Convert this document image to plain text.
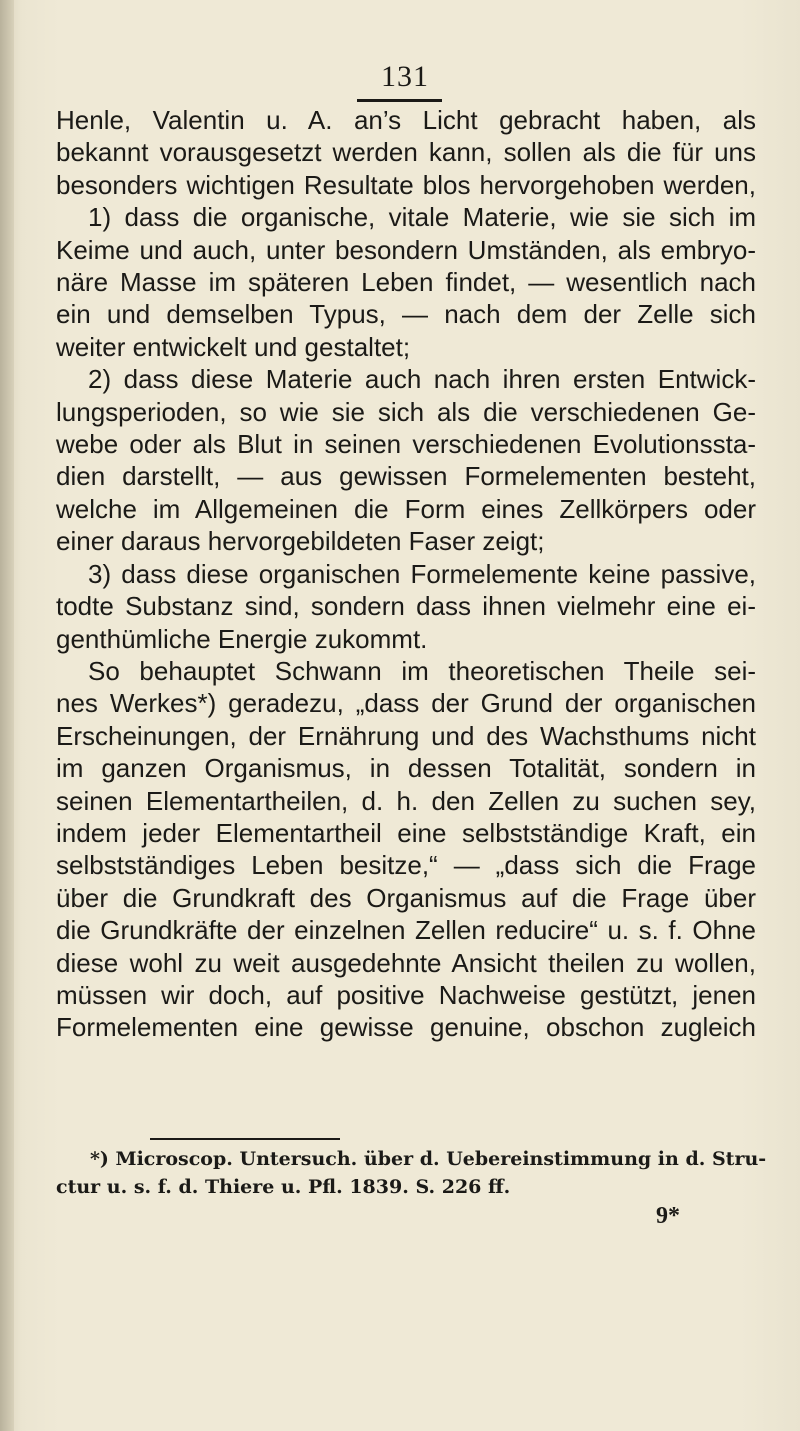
131
Henle, Valentin u. A. an’s Licht gebracht haben, als
bekannt vorausgesetzt werden kann, sollen als die für uns
besonders wichtigen Resultate blos hervorgehoben werden,
1) dass die organische, vitale Materie, wie sie sich im
Keime und auch, unter besondern Umständen, als embryo-
näre Masse im späteren Leben findet, — wesentlich nach
ein und demselben Typus, — nach dem der Zelle sich
weiter entwickelt und gestaltet;
2) dass diese Materie auch nach ihren ersten Entwick-
lungsperioden, so wie sie sich als die verschiedenen Ge-
webe oder als Blut in seinen verschiedenen Evolutionssta-
dien darstellt, — aus gewissen Formelementen besteht,
welche im Allgemeinen die Form eines Zellkörpers oder
einer daraus hervorgebildeten Faser zeigt;
3) dass diese organischen Formelemente keine passive,
todte Substanz sind, sondern dass ihnen vielmehr eine ei-
genthümliche Energie zukommt.
So behauptet Schwann im theoretischen Theile sei-
nes Werkes*) geradezu, „dass der Grund der organischen
Erscheinungen, der Ernährung und des Wachsthums nicht
im ganzen Organismus, in dessen Totalität, sondern in
seinen Elementartheilen, d. h. den Zellen zu suchen sey,
indem jeder Elementartheil eine selbstständige Kraft, ein
selbstständiges Leben besitze,“ — „dass sich die Frage
über die Grundkraft des Organismus auf die Frage über
die Grundkräfte der einzelnen Zellen reducire“ u. s. f. Ohne
diese wohl zu weit ausgedehnte Ansicht theilen zu wollen,
müssen wir doch, auf positive Nachweise gestützt, jenen
Formelementen eine gewisse genuine, obschon zugleich
*) Microscop. Untersuch. über d. Uebereinstimmung in d. Stru-
ctur u. s. f. d. Thiere u. Pfl. 1839. S. 226 ff.
9*
